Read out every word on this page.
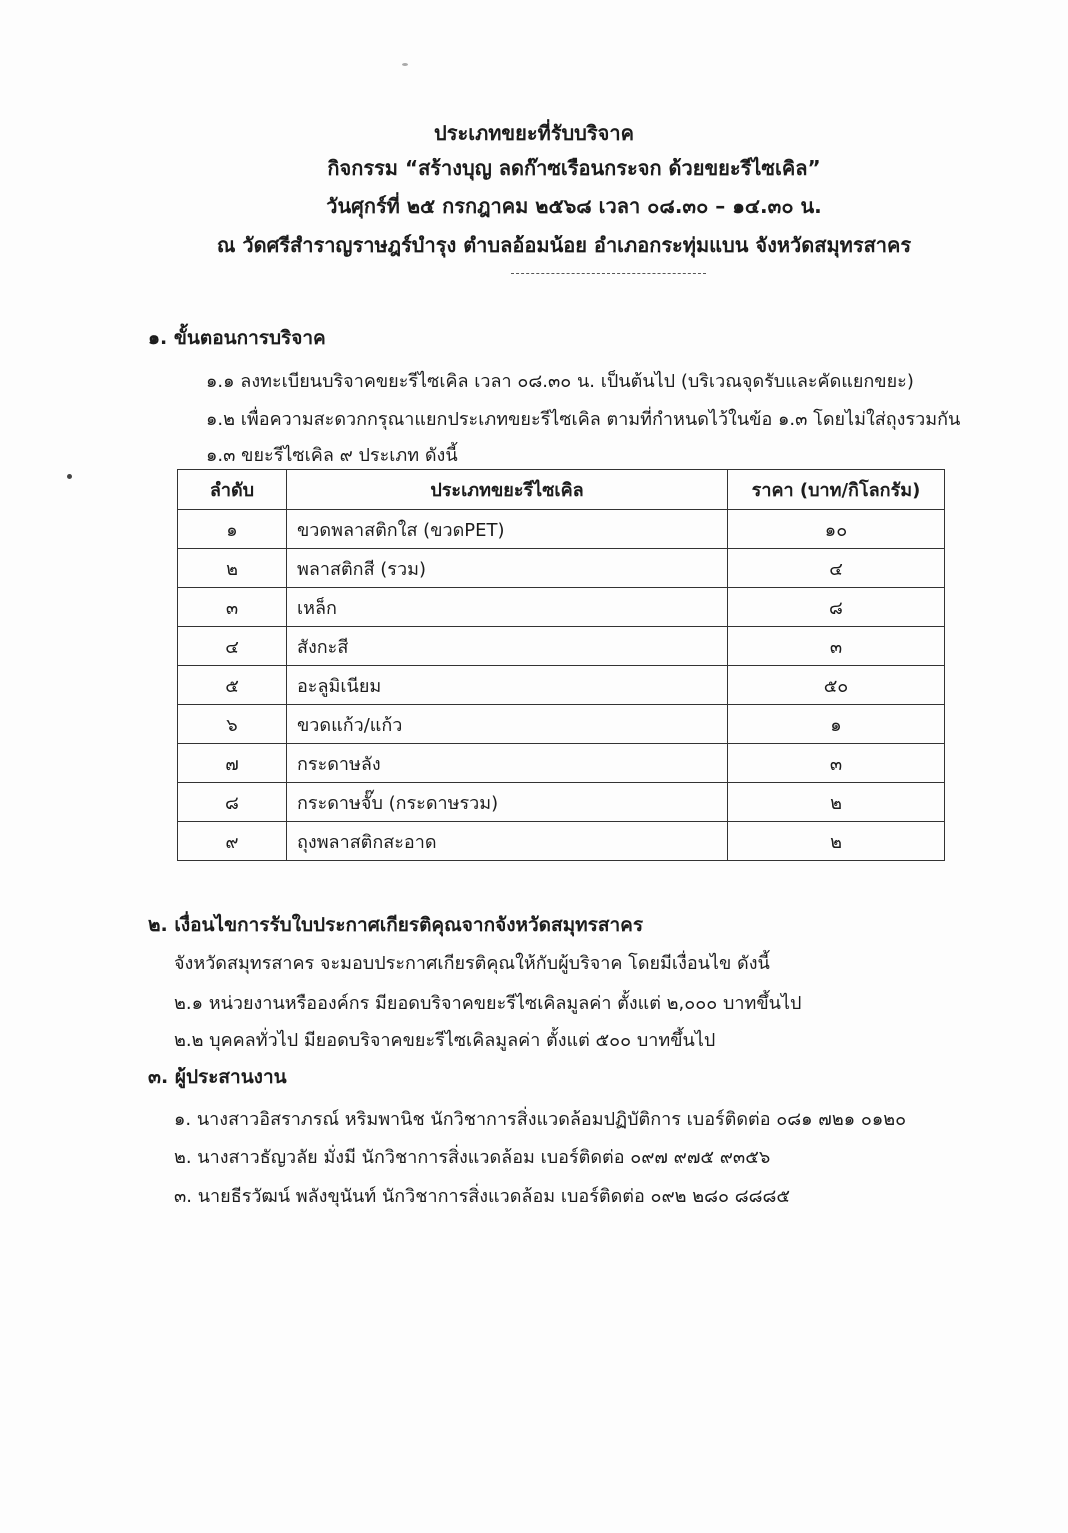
ประเภทขยะที่รับบริจาค
กิจกรรม “สร้างบุญ ลดก๊าซเรือนกระจก ด้วยขยะรีไซเคิล”
วันศุกร์ที่ ๒๕ กรกฎาคม ๒๕๖๘ เวลา ๐๘.๓๐ – ๑๔.๓๐ น.
ณ วัดศรีสำราญราษฎร์บำรุง ตำบลอ้อมน้อย อำเภอกระทุ่มแบน จังหวัดสมุทรสาคร
๑. ขั้นตอนการบริจาค
๑.๑ ลงทะเบียนบริจาคขยะรีไซเคิล เวลา ๐๘.๓๐ น. เป็นต้นไป (บริเวณจุดรับและคัดแยกขยะ)
๑.๒ เพื่อความสะดวกกรุณาแยกประเภทขยะรีไซเคิล ตามที่กำหนดไว้ในข้อ ๑.๓ โดยไม่ใส่ถุงรวมกัน
๑.๓ ขยะรีไซเคิล ๙ ประเภท ดังนี้
ลำดับ	ประเภทขยะรีไซเคิล	ราคา (บาท/กิโลกรัม)
๑	ขวดพลาสติกใส (ขวดPET)	๑๐
๒	พลาสติกสี (รวม)	๔
๓	เหล็ก	๘
๔	สังกะสี	๓
๕	อะลูมิเนียม	๕๐
๖	ขวดแก้ว/แก้ว	๑
๗	กระดาษลัง	๓
๘	กระดาษจั๊บ (กระดาษรวม)	๒
๙	ถุงพลาสติกสะอาด	๒
๒. เงื่อนไขการรับใบประกาศเกียรติคุณจากจังหวัดสมุทรสาคร
จังหวัดสมุทรสาคร จะมอบประกาศเกียรติคุณให้กับผู้บริจาค โดยมีเงื่อนไข ดังนี้
๒.๑ หน่วยงานหรือองค์กร มียอดบริจาคขยะรีไซเคิลมูลค่า ตั้งแต่ ๒,๐๐๐ บาทขึ้นไป
๒.๒ บุคคลทั่วไป มียอดบริจาคขยะรีไซเคิลมูลค่า ตั้งแต่ ๕๐๐ บาทขึ้นไป
๓. ผู้ประสานงาน
๑. นางสาวอิสราภรณ์ หริมพานิช นักวิชาการสิ่งแวดล้อมปฏิบัติการ เบอร์ติดต่อ ๐๘๑ ๗๒๑ ๐๑๒๐
๒. นางสาวธัญวลัย มั่งมี นักวิชาการสิ่งแวดล้อม เบอร์ติดต่อ ๐๙๗ ๙๗๕ ๙๓๕๖
๓. นายธีรวัฒน์ พลังขุนันท์ นักวิชาการสิ่งแวดล้อม เบอร์ติดต่อ ๐๙๒ ๒๘๐ ๘๘๘๕
